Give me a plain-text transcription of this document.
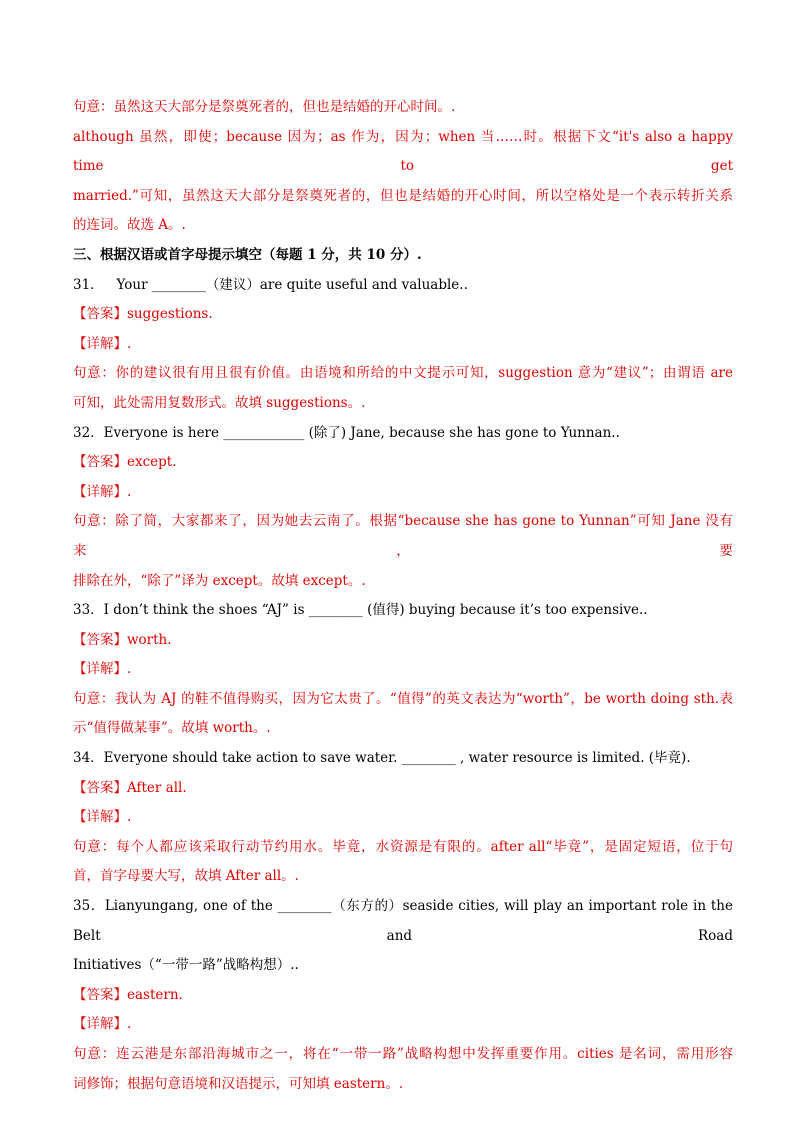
句意：虽然这天大部分是祭奠死者的，但也是结婚的开心时间。.
although 虽然，即使；because 因为；as 作为，因为；when 当……时。根据下文“it's also a happy time to get
married.”可知，虽然这天大部分是祭奠死者的，但也是结婚的开心时间，所以空格处是一个表示转折关系
的连词。故选 A。.
三、根据汉语或首字母提示填空（每题 1 分，共 10 分）.
31．   Your ________（建议）are quite useful and valuable..
【答案】suggestions.
【详解】.
句意：你的建议很有用且很有价值。由语境和所给的中文提示可知，suggestion 意为“建议”；由谓语 are
可知，此处需用复数形式。故填 suggestions。.
32．Everyone is here ____________ (除了) Jane, because she has gone to Yunnan..
【答案】except.
【详解】.
句意：除了简，大家都来了，因为她去云南了。根据“because she has gone to Yunnan”可知 Jane 没有来，要
排除在外，“除了”译为 except。故填 except。.
33．I don’t think the shoes “AJ” is ________ (值得) buying because it’s too expensive..
【答案】worth.
【详解】.
句意：我认为 AJ 的鞋不值得购买，因为它太贵了。“值得”的英文表达为“worth”，be worth doing sth.表
示“值得做某事”。故填 worth。.
34．Everyone should take action to save water. ________ , water resource is limited. (毕竟).
【答案】After all.
【详解】.
句意：每个人都应该采取行动节约用水。毕竟，水资源是有限的。after all“毕竟”，是固定短语，位于句
首，首字母要大写，故填 After all。.
35．Lianyungang, one of the ________（东方的）seaside cities, will play an important role in the Belt and Road
Initiatives（“一带一路”战略构想）..
【答案】eastern.
【详解】.
句意：连云港是东部沿海城市之一，将在“一带一路”战略构想中发挥重要作用。cities 是名词，需用形容
词修饰；根据句意语境和汉语提示，可知填 eastern。.
